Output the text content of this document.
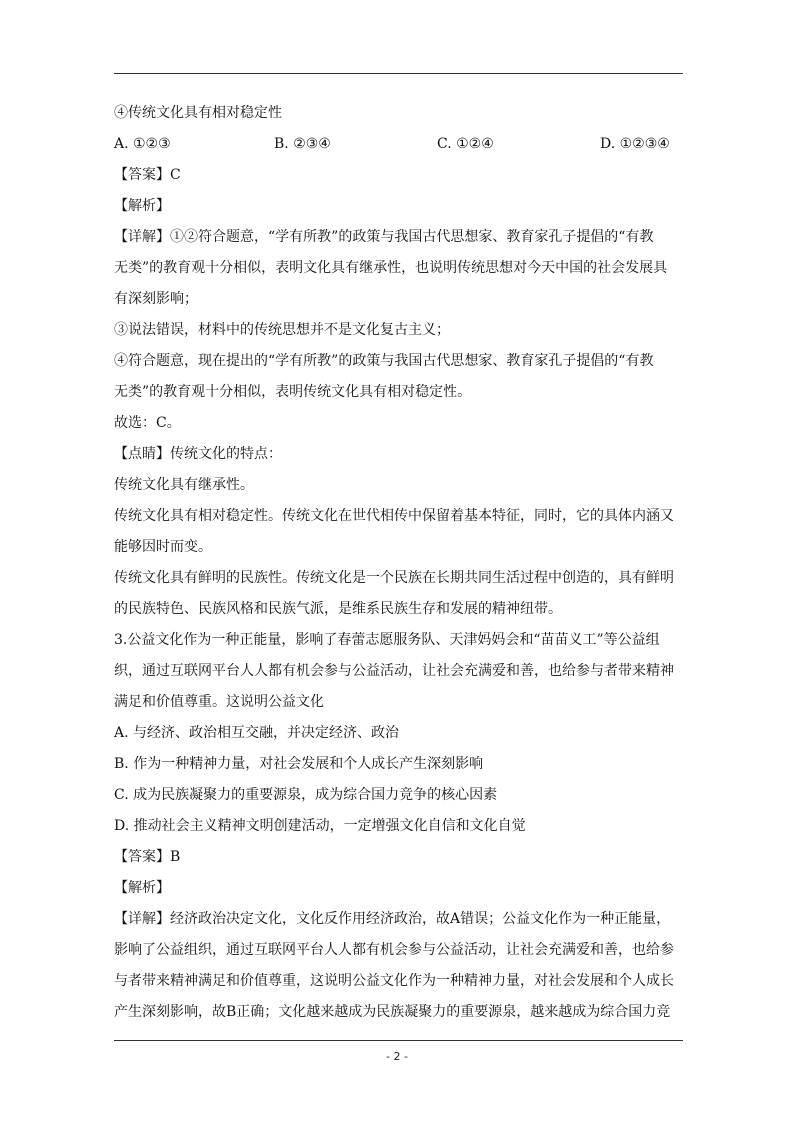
④传统文化具有相对稳定性
A. ①②③	B. ②③④	C. ①②④	D. ①②③④
【答案】C
【解析】
【详解】①②符合题意，“学有所教”的政策与我国古代思想家、教育家孔子提倡的“有教
无类”的教育观十分相似，表明文化具有继承性，也说明传统思想对今天中国的社会发展具
有深刻影响；
③说法错误，材料中的传统思想并不是文化复古主义；
④符合题意，现在提出的“学有所教”的政策与我国古代思想家、教育家孔子提倡的“有教
无类”的教育观十分相似，表明传统文化具有相对稳定性。
故选：C。
【点睛】传统文化的特点：
传统文化具有继承性。
传统文化具有相对稳定性。传统文化在世代相传中保留着基本特征，同时，它的具体内涵又
能够因时而变。
传统文化具有鲜明的民族性。传统文化是一个民族在长期共同生活过程中创造的，具有鲜明
的民族特色、民族风格和民族气派，是维系民族生存和发展的精神纽带。
3.公益文化作为一种正能量，影响了春蕾志愿服务队、天津妈妈会和“苗苗义工”等公益组
织，通过互联网平台人人都有机会参与公益活动，让社会充满爱和善，也给参与者带来精神
满足和价值尊重。这说明公益文化
A. 与经济、政治相互交融，并决定经济、政治
B. 作为一种精神力量，对社会发展和个人成长产生深刻影响
C. 成为民族凝聚力的重要源泉，成为综合国力竞争的核心因素
D. 推动社会主义精神文明创建活动，一定增强文化自信和文化自觉
【答案】B
【解析】
【详解】经济政治决定文化，文化反作用经济政治，故A错误；公益文化作为一种正能量，
影响了公益组织，通过互联网平台人人都有机会参与公益活动，让社会充满爱和善，也给参
与者带来精神满足和价值尊重，这说明公益文化作为一种精神力量，对社会发展和个人成长
产生深刻影响，故B正确；文化越来越成为民族凝聚力的重要源泉，越来越成为综合国力竞
- 2 -
